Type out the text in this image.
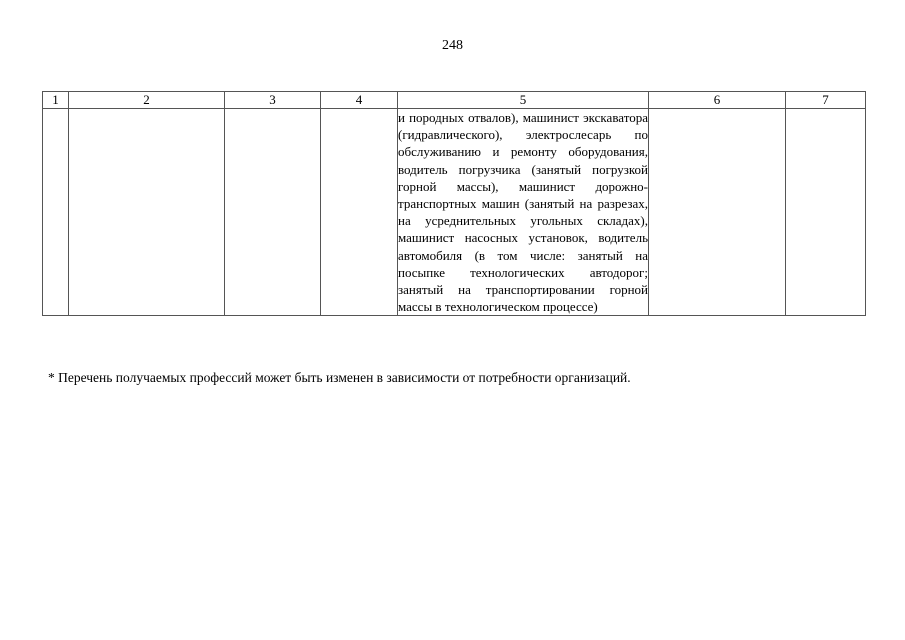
248
1	2	3	4	5	6	7

				и породных отвалов), машинист экскаватора (гидравлического), электрослесарь по обслуживанию и ремонту оборудования, водитель погрузчика (занятый погрузкой горной массы), машинист дорожно-транспортных машин (занятый на разрезах, на усреднительных угольных складах), машинист насосных установок, водитель автомобиля (в том числе: занятый на посыпке технологических автодорог; занятый на транспортировании горной массы в технологическом процессе)		

* Перечень получаемых профессий может быть изменен в зависимости от потребности организаций.
